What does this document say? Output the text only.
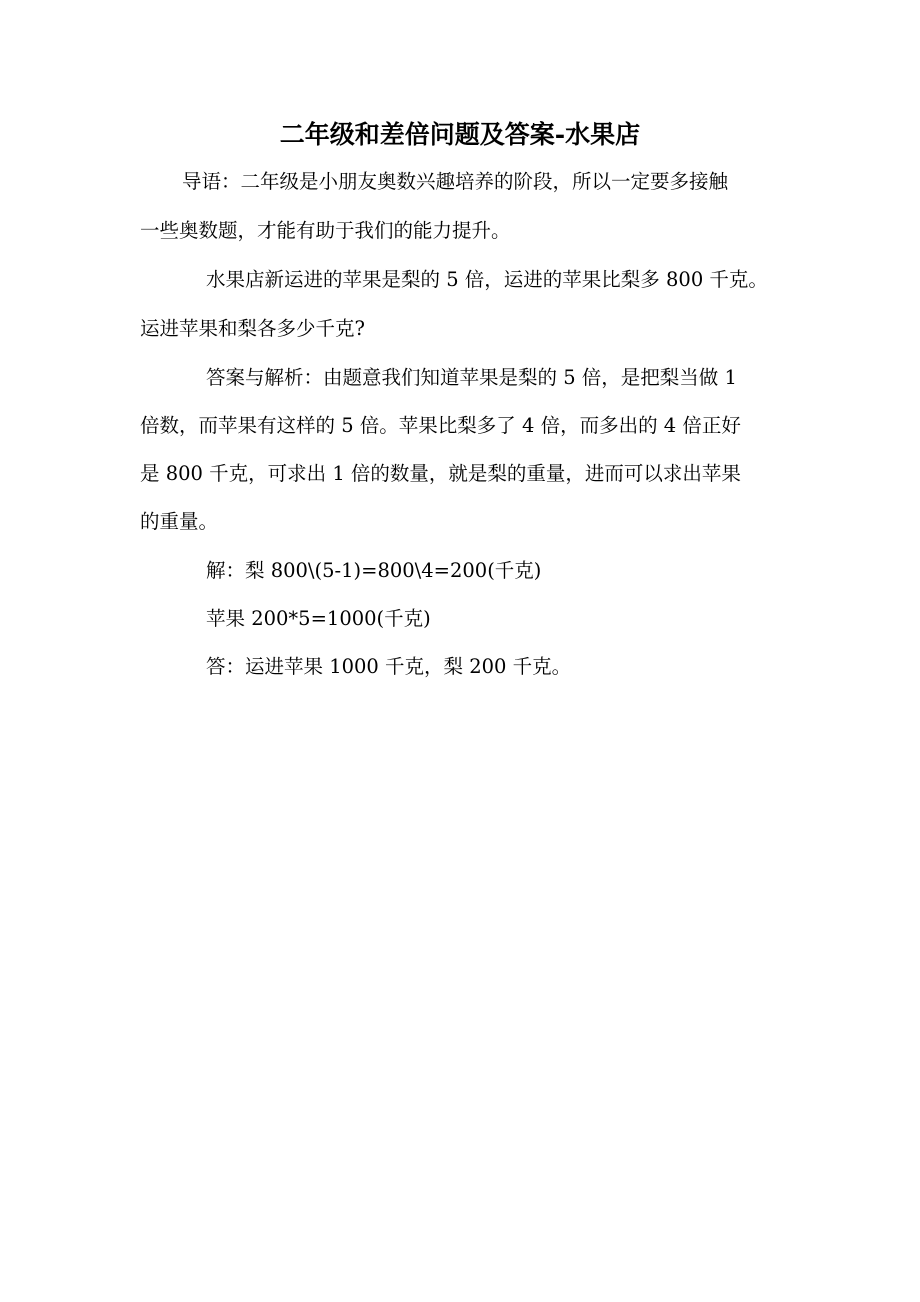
二年级和差倍问题及答案-水果店
导语：二年级是小朋友奥数兴趣培养的阶段，所以一定要多接触
一些奥数题，才能有助于我们的能力提升。
水果店新运进的苹果是梨的 5 倍，运进的苹果比梨多 800 千克。
运进苹果和梨各多少千克?
答案与解析：由题意我们知道苹果是梨的 5 倍，是把梨当做 1
倍数，而苹果有这样的 5 倍。苹果比梨多了 4 倍，而多出的 4 倍正好
是 800 千克，可求出 1 倍的数量，就是梨的重量，进而可以求出苹果
的重量。
解：梨 800\(5-1)=800\4=200(千克)
苹果 200*5=1000(千克)
答：运进苹果 1000 千克，梨 200 千克。
